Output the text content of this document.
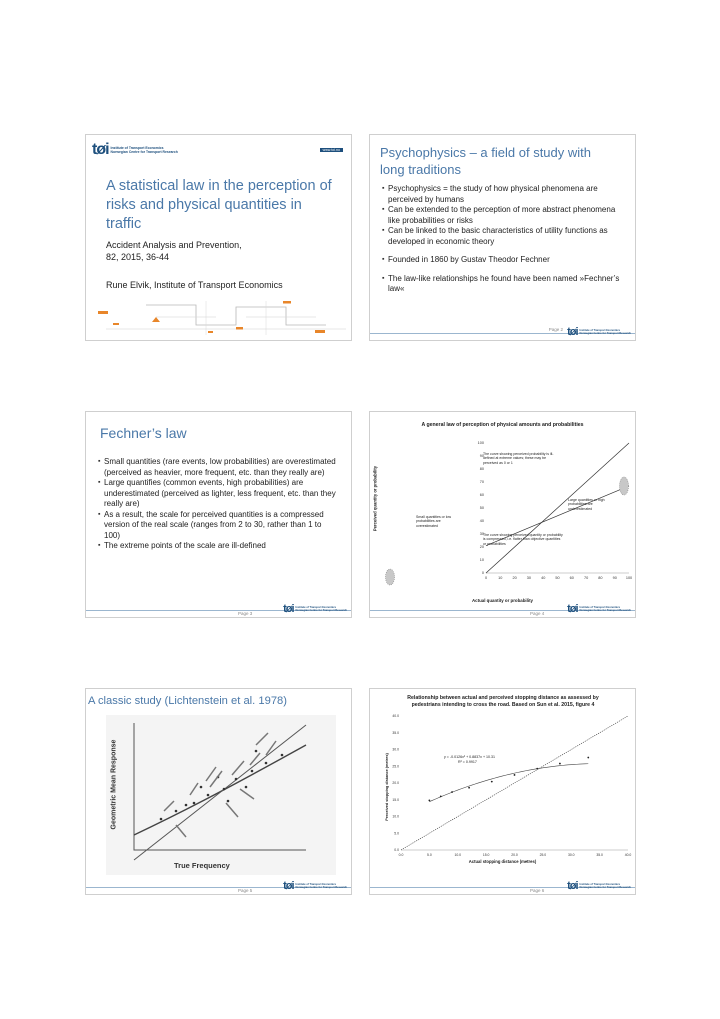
tøi Institute of Transport Economics
Norwegian Centre for Transport Research	www.toi.no
A statistical law in the perception of risks and physical quantities in traffic
Accident Analysis and Prevention, 82, 2015, 36-44
Rune Elvik, Institute of Transport Economics
Psychophysics – a field of study with long traditions
▪ Psychophysics = the study of how physical phenomena are perceived by humans
▪ Can be extended to the perception of more abstract phenomena like probabilities or risks
▪ Can be linked to the basic characteristics of utility functions as developed in economic theory
▪ Founded in 1860 by Gustav Theodor Fechner
▪ The law-like relationships he found have been named »Fechner’s law«
Page 2 tøi Institute of Transport Economics
Norwegian Centre for Transport Research
Fechner’s law
▪ Small quantities (rare events, low probabilities) are overestimated (perceived as heavier, more frequent, etc. than they really are)
▪ Large quantifies (common events, high probabilities) are underestimated (perceived as lighter, less frequent, etc. than they really are)
▪ As a result, the scale for perceived quantities is a compressed version of the real scale (ranges from 2 to 30, rather than 1 to 100)
▪ The extreme points of the scale are ill-defined
Page 3	tøi Institute of Transport Economics
Norwegian Centre for Transport Research
A general law of perception of physical amounts and probabilities
0	10	20	30	40	50	60	70	80	90 100
0
10
20
30
40
50
60
70
80
90
100
Actual quantity or probability
Perceived quantity or probability
The curve showing perceived probability is ill-defined at extreme values; these may be perceived as 0 or 1
Large quantities or high probabilities are underestimated
Small quantities or low probabilities are overestimated
The curve showing perceived quantity or probability is compressed, i.e. flatter than objective quantities or probabilities
Page 4 tøi Institute of Transport Economics
Norwegian Centre for Transport Research
A classic study (Lichtenstein et al. 1978)
Geometric Mean Response
True Frequency
Page 5	tøi Institute of Transport Economics
Norwegian Centre for Transport Research
Relationship between actual and perceived stopping distance as assessed by pedestrians intending to cross the road. Based on Sun et al. 2015, figure 4
0.0	5.0	10.0	15.0	20.0	25.0	30.0	35.0	40.0
0.0
5.0
10.0
15.0
20.0
25.0
30.0
35.0
40.0
y = -0.0126x² + 0.8837x + 10.31
R² = 0.9917
Actual stopping distance (metres)
Perceived stopping distance (metres)
Page 6 tøi Institute of Transport Economics
Norwegian Centre for Transport Research
